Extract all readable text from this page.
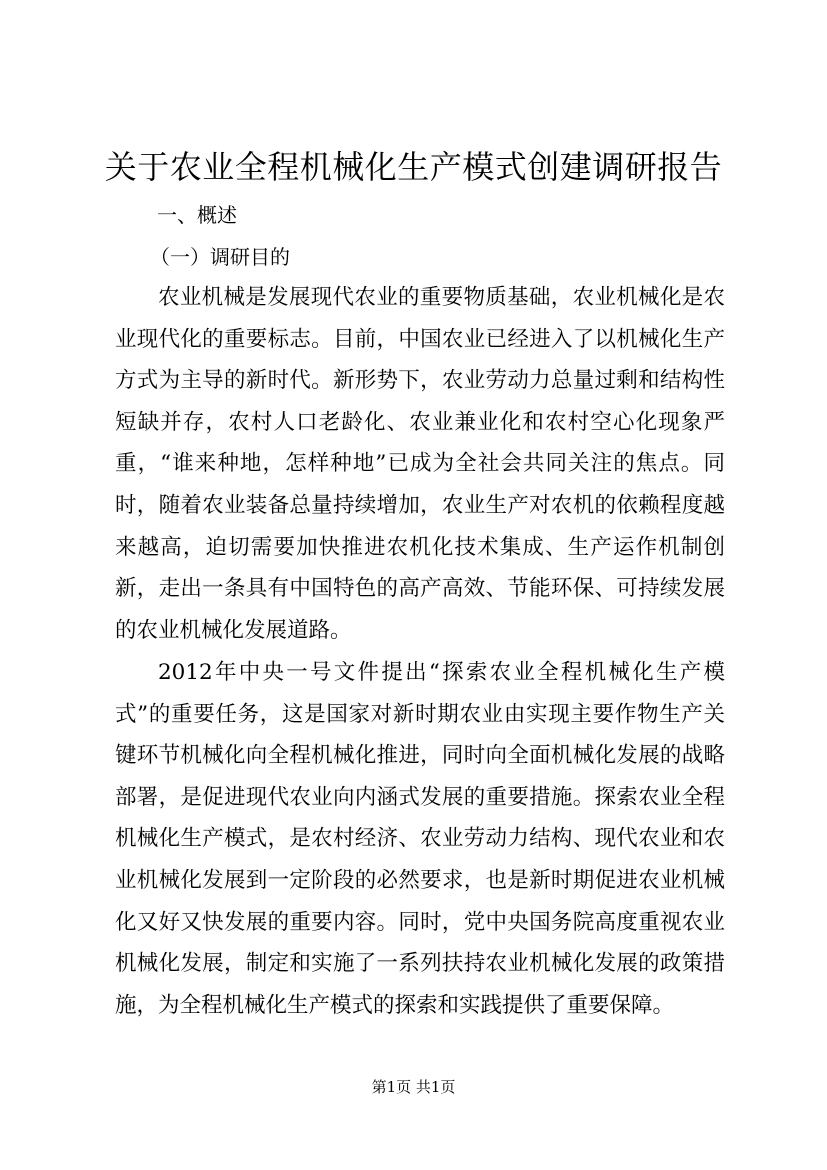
关于农业全程机械化生产模式创建调研报告

一、概述

（一）调研目的

农业机械是发展现代农业的重要物质基础，农业机械化是农业现代化的重要标志。目前，中国农业已经进入了以机械化生产方式为主导的新时代。新形势下，农业劳动力总量过剩和结构性短缺并存，农村人口老龄化、农业兼业化和农村空心化现象严重，“谁来种地，怎样种地”已成为全社会共同关注的焦点。同时，随着农业装备总量持续增加，农业生产对农机的依赖程度越来越高，迫切需要加快推进农机化技术集成、生产运作机制创新，走出一条具有中国特色的高产高效、节能环保、可持续发展的农业机械化发展道路。

2012年中央一号文件提出“探索农业全程机械化生产模式”的重要任务，这是国家对新时期农业由实现主要作物生产关键环节机械化向全程机械化推进，同时向全面机械化发展的战略部署，是促进现代农业向内涵式发展的重要措施。探索农业全程机械化生产模式，是农村经济、农业劳动力结构、现代农业和农业机械化发展到一定阶段的必然要求，也是新时期促进农业机械化又好又快发展的重要内容。同时，党中央国务院高度重视农业机械化发展，制定和实施了一系列扶持农业机械化发展的政策措施，为全程机械化生产模式的探索和实践提供了重要保障。

第1页 共1页
